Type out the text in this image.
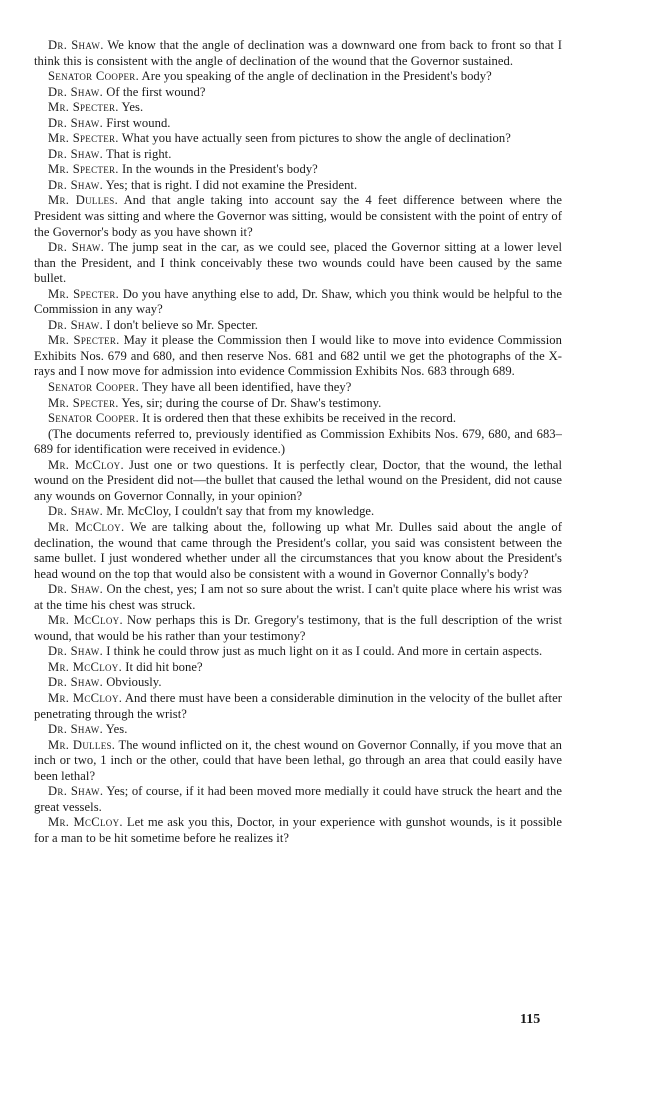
Dr. Shaw. We know that the angle of declination was a downward one from back to front so that I think this is consistent with the angle of declination of the wound that the Governor sustained.

Senator Cooper. Are you speaking of the angle of declination in the President's body?

Dr. Shaw. Of the first wound?

Mr. Specter. Yes.

Dr. Shaw. First wound.

Mr. Specter. What you have actually seen from pictures to show the angle of declination?

Dr. Shaw. That is right.

Mr. Specter. In the wounds in the President's body?

Dr. Shaw. Yes; that is right. I did not examine the President.

Mr. Dulles. And that angle taking into account say the 4 feet difference between where the President was sitting and where the Governor was sitting, would be consistent with the point of entry of the Governor's body as you have shown it?

Dr. Shaw. The jump seat in the car, as we could see, placed the Governor sitting at a lower level than the President, and I think conceivably these two wounds could have been caused by the same bullet.

Mr. Specter. Do you have anything else to add, Dr. Shaw, which you think would be helpful to the Commission in any way?

Dr. Shaw. I don't believe so Mr. Specter.

Mr. Specter. May it please the Commission then I would like to move into evidence Commission Exhibits Nos. 679 and 680, and then reserve Nos. 681 and 682 until we get the photographs of the X-rays and I now move for admission into evidence Commission Exhibits Nos. 683 through 689.

Senator Cooper. They have all been identified, have they?

Mr. Specter. Yes, sir; during the course of Dr. Shaw's testimony.

Senator Cooper. It is ordered then that these exhibits be received in the record.

(The documents referred to, previously identified as Commission Exhibits Nos. 679, 680, and 683–689 for identification were received in evidence.)

Mr. McCloy. Just one or two questions. It is perfectly clear, Doctor, that the wound, the lethal wound on the President did not—the bullet that caused the lethal wound on the President, did not cause any wounds on Governor Connally, in your opinion?

Dr. Shaw. Mr. McCloy, I couldn't say that from my knowledge.

Mr. McCloy. We are talking about the, following up what Mr. Dulles said about the angle of declination, the wound that came through the President's collar, you said was consistent between the same bullet. I just wondered whether under all the circumstances that you know about the President's head wound on the top that would also be consistent with a wound in Governor Connally's body?

Dr. Shaw. On the chest, yes; I am not so sure about the wrist. I can't quite place where his wrist was at the time his chest was struck.

Mr. McCloy. Now perhaps this is Dr. Gregory's testimony, that is the full description of the wrist wound, that would be his rather than your testimony?

Dr. Shaw. I think he could throw just as much light on it as I could. And more in certain aspects.

Mr. McCloy. It did hit bone?

Dr. Shaw. Obviously.

Mr. McCloy. And there must have been a considerable diminution in the velocity of the bullet after penetrating through the wrist?

Dr. Shaw. Yes.

Mr. Dulles. The wound inflicted on it, the chest wound on Governor Connally, if you move that an inch or two, 1 inch or the other, could that have been lethal, go through an area that could easily have been lethal?

Dr. Shaw. Yes; of course, if it had been moved more medially it could have struck the heart and the great vessels.

Mr. McCloy. Let me ask you this, Doctor, in your experience with gunshot wounds, is it possible for a man to be hit sometime before he realizes it?

115
